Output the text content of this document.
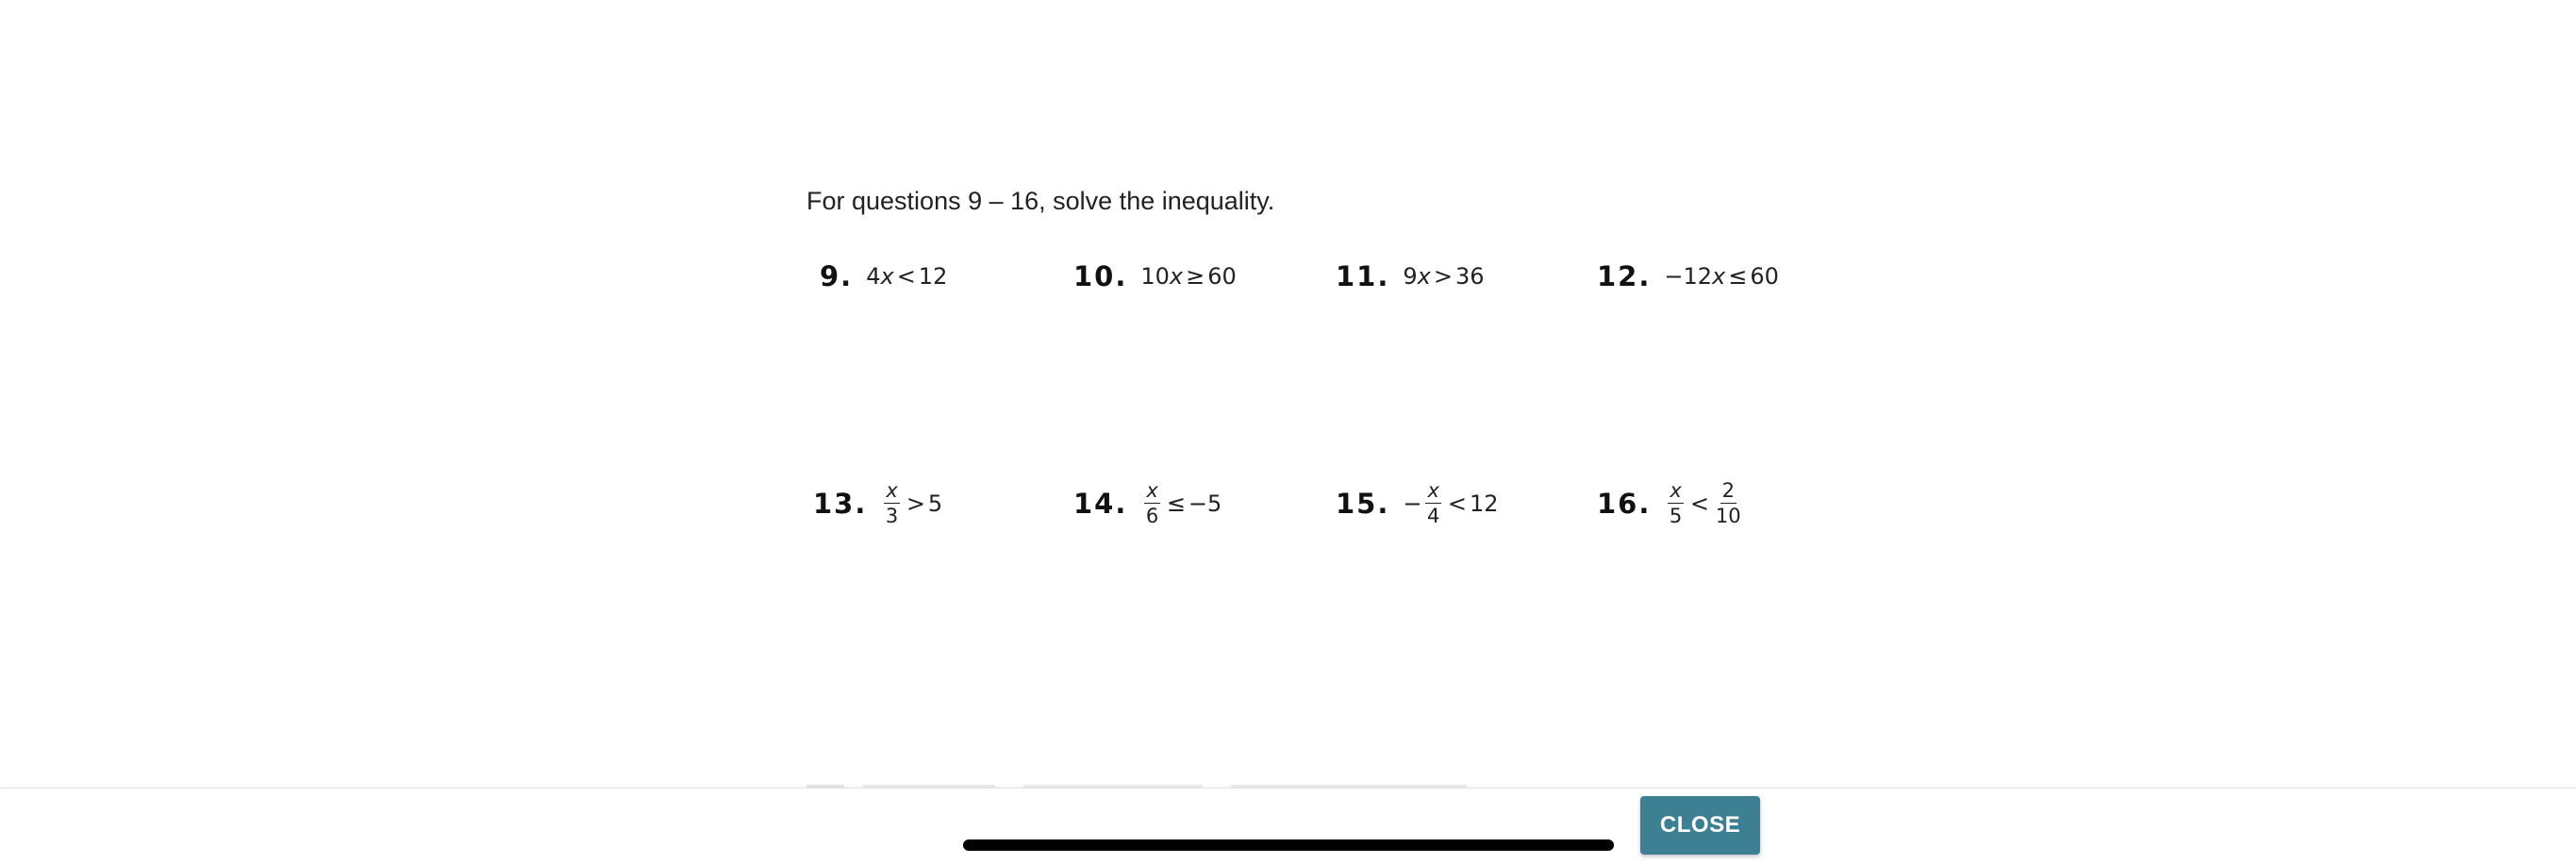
For questions 9 – 16, solve the inequality.
9. 4 x < 12	10. 10 x ≥ 60	11. 9 x > 36	12. −12 x ≤ 60
13. $\frac{x}{3} > 5$	14. $\frac{x}{6} \le -5$	15. − $\frac{x}{4} < 12$	16. $\frac{x}{5} < \frac{2}{10}$
CLOSE
